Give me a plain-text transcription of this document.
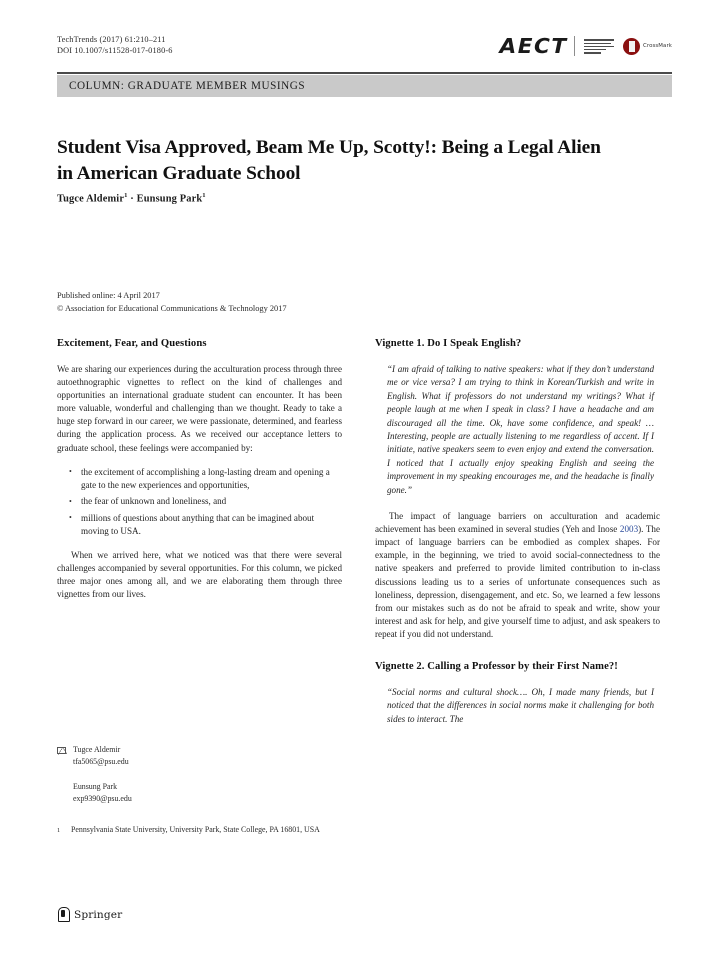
TechTrends (2017) 61:210–211
DOI 10.1007/s11528-017-0180-6	AECT	CrossMark
COLUMN: GRADUATE MEMBER MUSINGS
Student Visa Approved, Beam Me Up, Scotty!: Being a Legal Alien in American Graduate School
Tugce Aldemir$^1$ · Eunsung Park$^1$
Published online: 4 April 2017
© Association for Educational Communications & Technology 2017
Excitement, Fear, and Questions

We are sharing our experiences during the acculturation process through three autoethnographic vignettes to reflect on the kind of challenges and opportunities an international graduate student can encounter. It has been more valuable, wonderful and challenging than we thought. Ready to take a huge step forward in our career, we were passionate, determined, and fearless during the application process. As we received our acceptance letters to graduate school, these feelings were accompanied by:

• the excitement of accomplishing a long-lasting dream and opening a gate to the new experiences and opportunities,
• the fear of unknown and loneliness, and
• millions of questions about anything that can be imagined about moving to USA.

When we arrived here, what we noticed was that there were several challenges accompanied by several opportunities. For this column, we picked three major ones among all, and we are elaborating them through three vignettes from our lives.

Tugce Aldemir
tfa5065@psu.edu
Eunsung Park
exp9390@psu.edu
1	Pennsylvania State University, University Park, State College, PA 16801, USA
Vignette 1. Do I Speak English?
“I am afraid of talking to native speakers: what if they don’t understand me or vice versa? I am trying to think in Korean/Turkish and write in English. What if professors do not understand my writings? What if people laugh at me when I speak in class? I have a headache and am discouraged all the time. Ok, have some confidence, and speak! …Interesting, people are actually listening to me regardless of accent. If I initiate, native speakers seem to even enjoy and extend the conversation. I noticed that I actually enjoy speaking English and seeing the improvement in my speaking encourages me, and the headache is finally gone.”

The impact of language barriers on acculturation and academic achievement has been examined in several studies (Yeh and Inose 2003). The impact of language barriers can be embodied as complex shapes. For example, in the beginning, we tried to avoid social-connectedness to the native speakers and preferred to provide limited contribution to in-class discussions leading us to a series of unfortunate consequences such as loneliness, depression, disengagement, and etc. So, we learned a few lessons from our mistakes such as do not be afraid to speak and write, show your interest and ask for help, and give yourself time to adjust, and ask speakers to repeat if you did not understand.

Vignette 2. Calling a Professor by their First Name?!
“Social norms and cultural shock…. Oh, I made many friends, but I noticed that the differences in social norms make it challenging for both sides to interact. The
Springer
